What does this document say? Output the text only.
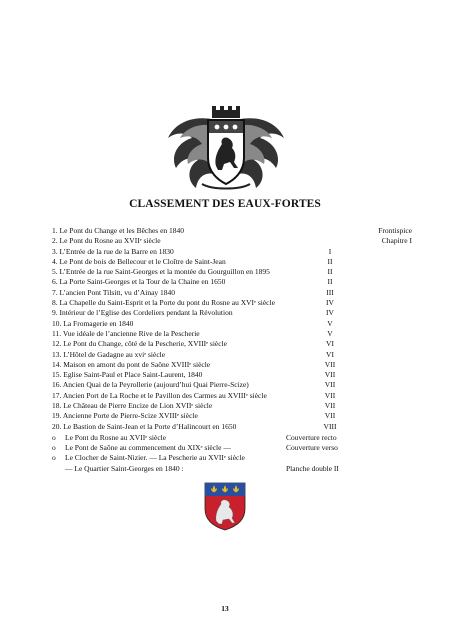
CLASSEMENT DES EAUX-FORTES
1. Le Pont du Change et les Bêches en 1840	Frontispice
2. Le Pont du Rosne au XVIIᵉ siècle	Chapitre I
3. L’Entrée de la rue de la Barre en 1830	I
4. Le Pont de bois de Bellecour et le Cloître de Saint-Jean	II
5. L’Entrée de la rue Saint-Georges et la montée du Gourguillon en 1895	II
6. La Porte Saint-Georges et la Tour de la Chaine en 1650	II
7. L’ancien Pont Tilsitt, vu d’Ainay 1840	III
8. La Chapelle du Saint-Esprit et la Porte du pont du Rosne au XVIᵉ siècle	IV
9. Intérieur de l’Eglise des Cordeliers pendant la Révolution	IV
10. La Fromagerie en 1840	V
11. Vue idéale de l’ancienne Rive de la Pescherie	V
12. Le Pont du Change, côté de la Pescherie, XVIIIᵉ siècle	VI
13. L’Hôtel de Gadagne au xviᵉ siècle	VI
14. Maison en amont du pont de Saône XVIIIᵉ siècle	VII
15. Eglise Saint-Paul et Place Saint-Laurent, 1840	VII
16. Ancien Quai de la Peyrollerie (aujourd’hui Quai Pierre-Scize)	VII
17. Ancien Port de La Roche et le Pavillon des Carmes au XVIIIᵉ siècle	VII
18. Le Château de Pierre Encize de Lion XVIIᵉ siècle	VII
19. Ancienne Porte de Pierre-Scize XVIIIᵉ siècle	VII
20. Le Bastion de Saint-Jean et la Porte d’Halincourt en 1650	VIII
o Le Pont du Rosne au XVIIᵉ siècle	Couverture recto
o Le Pont de Saône au commencement du XIXᵉ siècle —	Couverture verso
o Le Clocher de Saint-Nizier. — La Pescherie au XVIIᵉ siècle
— Le Quartier Saint-Georges en 1840 :	Planche double II
13
